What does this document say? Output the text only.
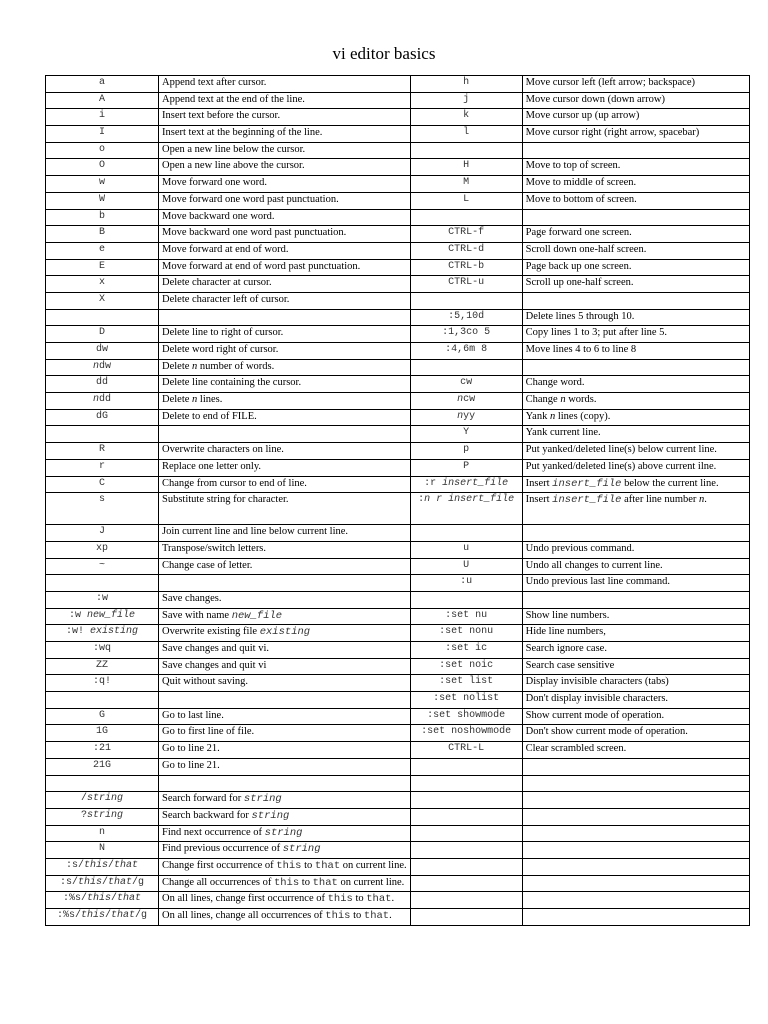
vi editor basics
a	Append text after cursor.	h	Move cursor left (left arrow; backspace)
A	Append text at the end of the line.	j	Move cursor down (down arrow)
i	Insert text before the cursor.	k	Move cursor up (up arrow)
I	Insert text at the beginning of the line.	l	Move cursor right (right arrow, spacebar)
o	Open a new line below the cursor.		
O	Open a new line above the cursor.	H	Move to top of screen.
w	Move forward one word.	M	Move to middle of screen.
W	Move forward one word past punctuation.	L	Move to bottom of screen.
b	Move backward one word.		
B	Move backward one word past punctuation.	CTRL-f	Page forward one screen.
e	Move forward at end of word.	CTRL-d	Scroll down one-half screen.
E	Move forward at end of word past punctuation.	CTRL-b	Page back up one screen.
x	Delete character at cursor.	CTRL-u	Scroll up one-half screen.
X	Delete character left of cursor.		
		:5,10d	Delete lines 5 through 10.
D	Delete line to right of cursor.	:1,3co 5	Copy lines 1 to 3; put after line 5.
dw	Delete word right of cursor.	:4,6m 8	Move lines 4 to 6 to line 8
ndw	Delete n number of words.		
dd	Delete line containing the cursor.	cw	Change word.
ndd	Delete n lines.	ncw	Change n words.
dG	Delete to end of FILE.	nyy	Yank n lines (copy).
		Y	Yank current line.
R	Overwrite characters on line.	p	Put yanked/deleted line(s) below current line.
r	Replace one letter only.	P	Put yanked/deleted line(s) above current ilne.
C	Change from cursor to end of line.	:r insert_file	Insert insert_file below the current line.
s	Substitute string for character.	:n r insert_file	Insert insert_file after line number n.
J	Join current line and line below current line.		
xp	Transpose/switch letters.	u	Undo previous command.
~	Change case of letter.	U	Undo all changes to current line.
		:u	Undo previous last line command.
:w	Save changes.		
:w new_file	Save with name new_file	:set nu	Show line numbers.
:w! existing	Overwrite existing file existing	:set nonu	Hide line numbers,
:wq	Save changes and quit vi.	:set ic	Search ignore case.
ZZ	Save changes and quit vi	:set noic	Search case sensitive
:q!	Quit without saving.	:set list	Display invisible characters (tabs)
		:set nolist	Don't display invisible characters.
G	Go to last line.	:set showmode	Show current mode of operation.
1G	Go to first line of file.	:set noshowmode	Don't show current mode of operation.
:21	Go to line 21.	CTRL-L	Clear scrambled screen.
21G	Go to line 21.		

/string	Search forward for string		
?string	Search backward for string		
n	Find next occurrence of string		
N	Find previous occurrence of string		
:s/this/that	Change first occurrence of this to that on current line.		
:s/this/that/g	Change all occurrences of this to that on current line.		
:%s/this/that	On all lines, change first occurrence of this to that.		
:%s/this/that/g	On all lines, change all occurrences of this to that.		
